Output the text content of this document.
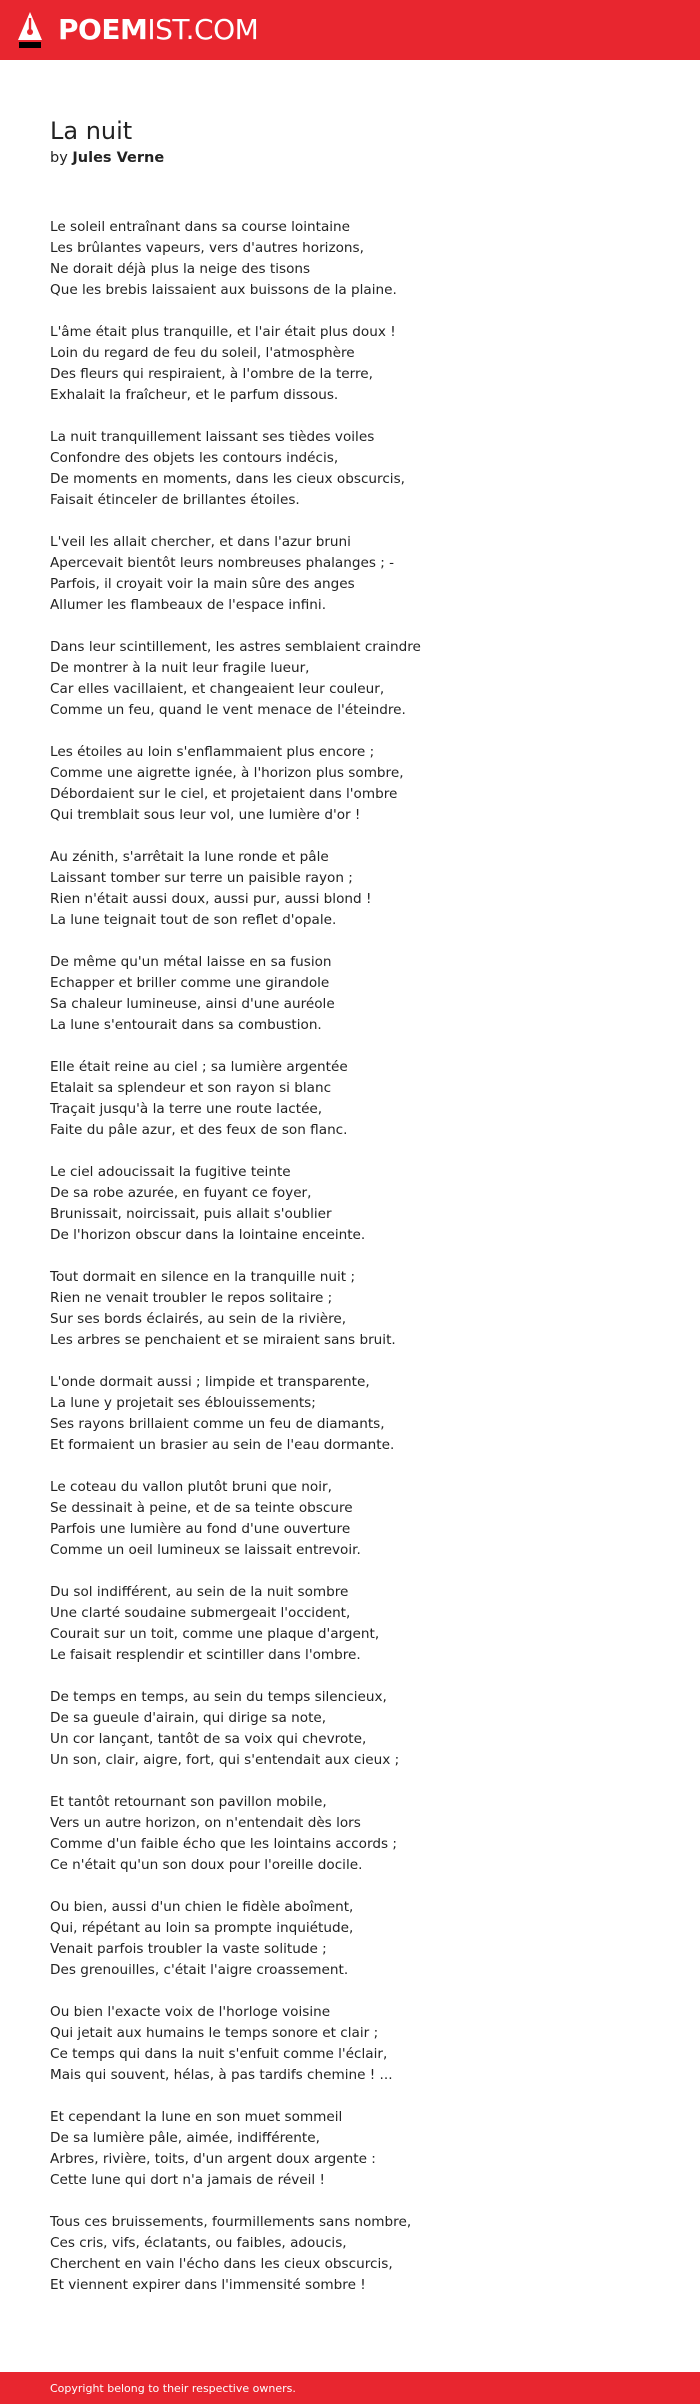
POEMIST.COM
La nuit
by Jules Verne

Le soleil entraînant dans sa course lointaine
Les brûlantes vapeurs, vers d'autres horizons,
Ne dorait déjà plus la neige des tisons
Que les brebis laissaient aux buissons de la plaine.

L'âme était plus tranquille, et l'air était plus doux !
Loin du regard de feu du soleil, l'atmosphère
Des fleurs qui respiraient, à l'ombre de la terre,
Exhalait la fraîcheur, et le parfum dissous.

La nuit tranquillement laissant ses tièdes voiles
Confondre des objets les contours indécis,
De moments en moments, dans les cieux obscurcis,
Faisait étinceler de brillantes étoiles.

L'veil les allait chercher, et dans l'azur bruni
Apercevait bientôt leurs nombreuses phalanges ; -
Parfois, il croyait voir la main sûre des anges
Allumer les flambeaux de l'espace infini.

Dans leur scintillement, les astres semblaient craindre
De montrer à la nuit leur fragile lueur,
Car elles vacillaient, et changeaient leur couleur,
Comme un feu, quand le vent menace de l'éteindre.

Les étoiles au loin s'enflammaient plus encore ;
Comme une aigrette ignée, à l'horizon plus sombre,
Débordaient sur le ciel, et projetaient dans l'ombre
Qui tremblait sous leur vol, une lumière d'or !

Au zénith, s'arrêtait la lune ronde et pâle
Laissant tomber sur terre un paisible rayon ;
Rien n'était aussi doux, aussi pur, aussi blond !
La lune teignait tout de son reflet d'opale.

De même qu'un métal laisse en sa fusion
Echapper et briller comme une girandole
Sa chaleur lumineuse, ainsi d'une auréole
La lune s'entourait dans sa combustion.

Elle était reine au ciel ; sa lumière argentée
Etalait sa splendeur et son rayon si blanc
Traçait jusqu'à la terre une route lactée,
Faite du pâle azur, et des feux de son flanc.

Le ciel adoucissait la fugitive teinte
De sa robe azurée, en fuyant ce foyer,
Brunissait, noircissait, puis allait s'oublier
De l'horizon obscur dans la lointaine enceinte.

Tout dormait en silence en la tranquille nuit ;
Rien ne venait troubler le repos solitaire ;
Sur ses bords éclairés, au sein de la rivière,
Les arbres se penchaient et se miraient sans bruit.

L'onde dormait aussi ; limpide et transparente,
La lune y projetait ses éblouissements;
Ses rayons brillaient comme un feu de diamants,
Et formaient un brasier au sein de l'eau dormante.

Le coteau du vallon plutôt bruni que noir,
Se dessinait à peine, et de sa teinte obscure
Parfois une lumière au fond d'une ouverture
Comme un oeil lumineux se laissait entrevoir.

Du sol indifférent, au sein de la nuit sombre
Une clarté soudaine submergeait l'occident,
Courait sur un toit, comme une plaque d'argent,
Le faisait resplendir et scintiller dans l'ombre.

De temps en temps, au sein du temps silencieux,
De sa gueule d'airain, qui dirige sa note,
Un cor lançant, tantôt de sa voix qui chevrote,
Un son, clair, aigre, fort, qui s'entendait aux cieux ;

Et tantôt retournant son pavillon mobile,
Vers un autre horizon, on n'entendait dès lors
Comme d'un faible écho que les lointains accords ;
Ce n'était qu'un son doux pour l'oreille docile.

Ou bien, aussi d'un chien le fidèle aboîment,
Qui, répétant au loin sa prompte inquiétude,
Venait parfois troubler la vaste solitude ;
Des grenouilles, c'était l'aigre croassement.

Ou bien l'exacte voix de l'horloge voisine
Qui jetait aux humains le temps sonore et clair ;
Ce temps qui dans la nuit s'enfuit comme l'éclair,
Mais qui souvent, hélas, à pas tardifs chemine ! ...

Et cependant la lune en son muet sommeil
De sa lumière pâle, aimée, indifférente,
Arbres, rivière, toits, d'un argent doux argente :
Cette lune qui dort n'a jamais de réveil !

Tous ces bruissements, fourmillements sans nombre,
Ces cris, vifs, éclatants, ou faibles, adoucis,
Cherchent en vain l'écho dans les cieux obscurcis,
Et viennent expirer dans l'immensité sombre !

Copyright belong to their respective owners.
